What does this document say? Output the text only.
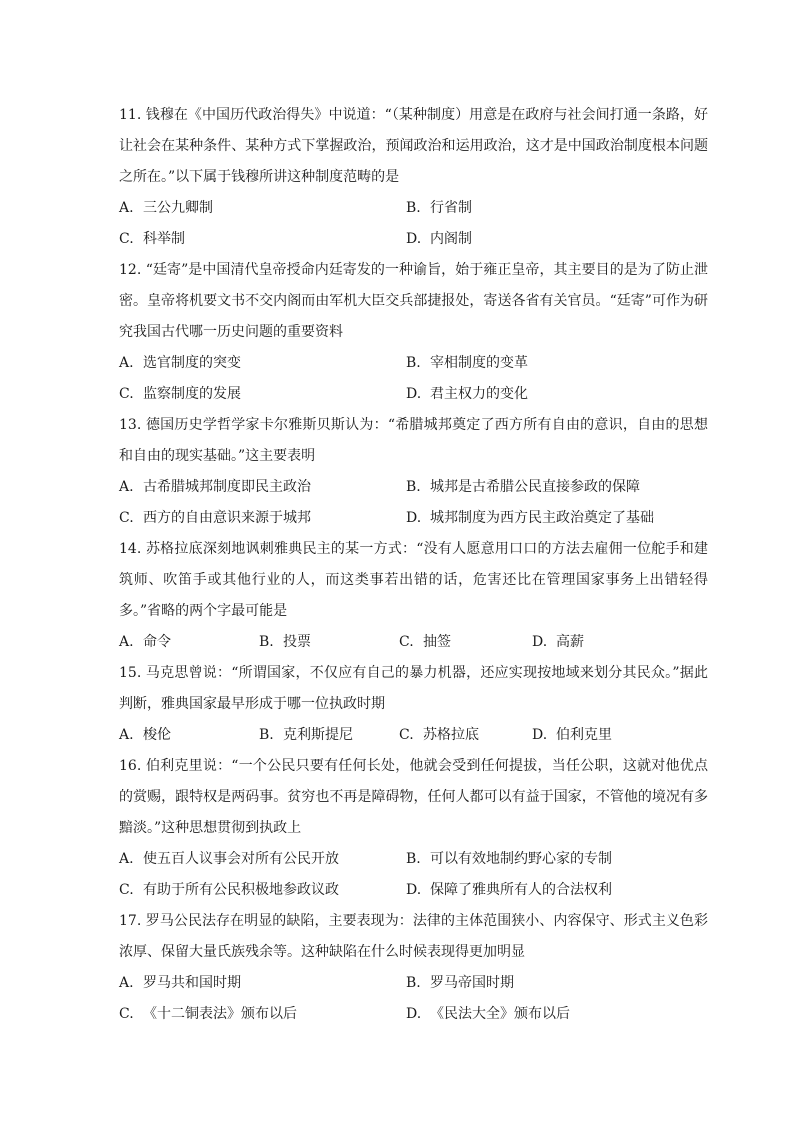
11. 钱穆在《中国历代政治得失》中说道：“（某种制度）用意是在政府与社会间打通一条路，好让社会在某种条件、某种方式下掌握政治，预闻政治和运用政治，这才是中国政治制度根本问题之所在。”以下属于钱穆所讲这种制度范畴的是

A. 三公九卿制	B. 行省制
C. 科举制	D. 内阁制

12. “廷寄”是中国清代皇帝授命内廷寄发的一种谕旨，始于雍正皇帝，其主要目的是为了防止泄密。皇帝将机要文书不交内阁而由军机大臣交兵部捷报处，寄送各省有关官员。“廷寄”可作为研究我国古代哪一历史问题的重要资料

A. 选官制度的突变	B. 宰相制度的变革
C. 监察制度的发展	D. 君主权力的变化

13. 德国历史学哲学家卡尔雅斯贝斯认为：“希腊城邦奠定了西方所有自由的意识，自由的思想和自由的现实基础。”这主要表明

A. 古希腊城邦制度即民主政治	B. 城邦是古希腊公民直接参政的保障
C. 西方的自由意识来源于城邦	D. 城邦制度为西方民主政治奠定了基础

14. 苏格拉底深刻地讽刺雅典民主的某一方式：“没有人愿意用口口的方法去雇佣一位舵手和建筑师、吹笛手或其他行业的人，而这类事若出错的话，危害还比在管理国家事务上出错轻得多。”省略的两个字最可能是

A. 命令	B. 投票	C. 抽签	D. 高薪

15. 马克思曾说：“所谓国家，不仅应有自己的暴力机器，还应实现按地域来划分其民众。”据此判断，雅典国家最早形成于哪一位执政时期

A. 梭伦	B. 克利斯提尼	C. 苏格拉底	D. 伯利克里

16. 伯利克里说：“一个公民只要有任何长处，他就会受到任何提拔，当任公职，这就对他优点的赏赐，跟特权是两码事。贫穷也不再是障碍物，任何人都可以有益于国家，不管他的境况有多黯淡。”这种思想贯彻到执政上

A. 使五百人议事会对所有公民开放	B. 可以有效地制约野心家的专制
C. 有助于所有公民积极地参政议政	D. 保障了雅典所有人的合法权利

17. 罗马公民法存在明显的缺陷，主要表现为：法律的主体范围狭小、内容保守、形式主义色彩浓厚、保留大量氏族残余等。这种缺陷在什么时候表现得更加明显

A. 罗马共和国时期	B. 罗马帝国时期
C. 《十二铜表法》颁布以后	D. 《民法大全》颁布以后
